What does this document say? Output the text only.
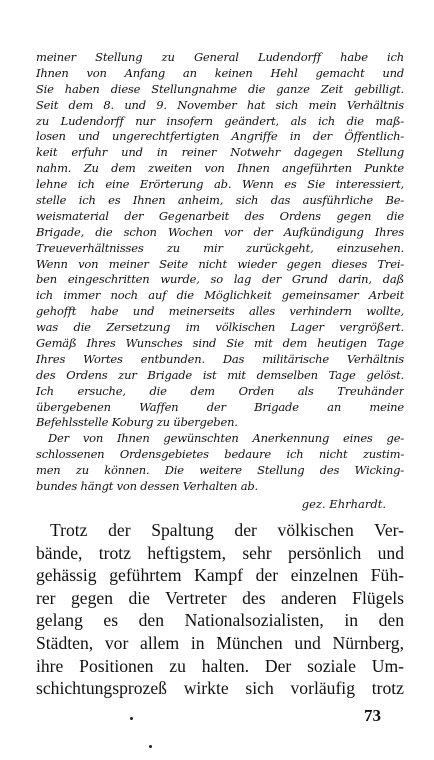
meiner Stellung zu General Ludendorff habe ich
Ihnen von Anfang an keinen Hehl gemacht und
Sie haben diese Stellungnahme die ganze Zeit gebilligt.
Seit dem 8. und 9. November hat sich mein Verhältnis
zu Ludendorff nur insofern geändert, als ich die maß-
losen und ungerechtfertigten Angriffe in der Öffentlich-
keit erfuhr und in reiner Notwehr dagegen Stellung
nahm. Zu dem zweiten von Ihnen angeführten Punkte
lehne ich eine Erörterung ab. Wenn es Sie interessiert,
stelle ich es Ihnen anheim, sich das ausführliche Be-
weismaterial der Gegenarbeit des Ordens gegen die
Brigade, die schon Wochen vor der Aufkündigung Ihres
Treueverhältnisses zu mir zurückgeht, einzusehen.
Wenn von meiner Seite nicht wieder gegen dieses Trei-
ben eingeschritten wurde, so lag der Grund darin, daß
ich immer noch auf die Möglichkeit gemeinsamer Arbeit
gehofft habe und meinerseits alles verhindern wollte,
was die Zersetzung im völkischen Lager vergrößert.
Gemäß Ihres Wunsches sind Sie mit dem heutigen Tage
Ihres Wortes entbunden. Das militärische Verhältnis
des Ordens zur Brigade ist mit demselben Tage gelöst.
Ich ersuche, die dem Orden als Treuhänder
übergebenen Waffen der Brigade an meine
Befehlsstelle Koburg zu übergeben.
Der von Ihnen gewünschten Anerkennung eines ge-
schlossenen Ordensgebietes bedaure ich nicht zustim-
men zu können. Die weitere Stellung des Wicking-
bundes hängt von dessen Verhalten ab.
gez. Ehrhardt.
Trotz der Spaltung der völkischen Ver-
bände, trotz heftigstem, sehr persönlich und
gehässig geführtem Kampf der einzelnen Füh-
rer gegen die Vertreter des anderen Flügels
gelang es den Nationalsozialisten, in den
Städten, vor allem in München und Nürnberg,
ihre Positionen zu halten. Der soziale Um-
schichtungsprozeß wirkte sich vorläufig trotz
73
